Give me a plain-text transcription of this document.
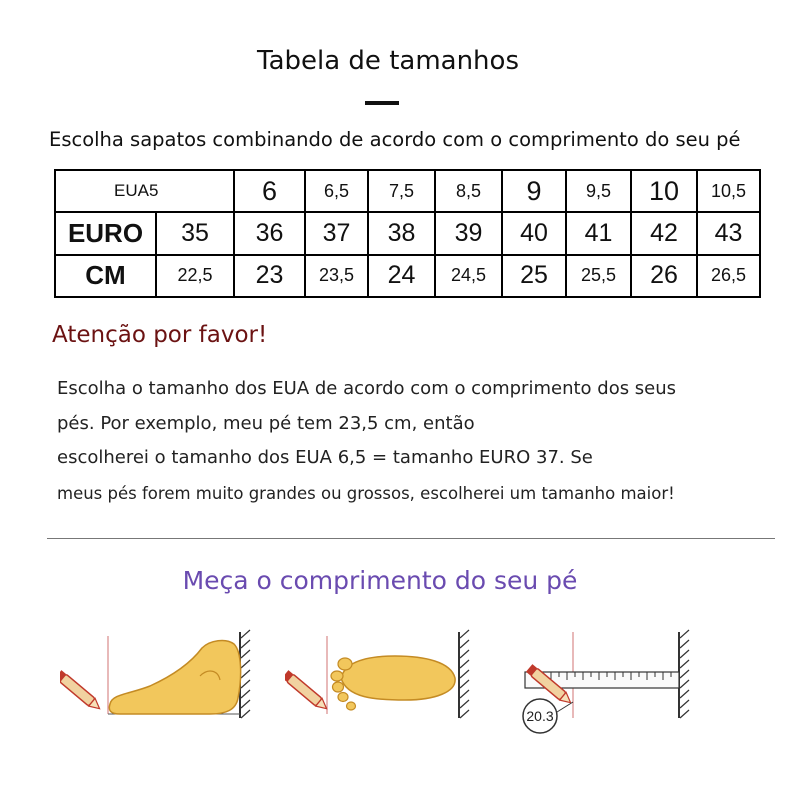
Tabela de tamanhos
Escolha sapatos combinando de acordo com o comprimento do seu pé
EUA5		6	6,5	7,5	8,5	9	9,5	10	10,5
EURO	35	36	37	38	39	40	41	42	43
CM	22,5	23	23,5	24	24,5	25	25,5	26	26,5
Atenção por favor!
Escolha o tamanho dos EUA de acordo com o comprimento dos seus
pés. Por exemplo, meu pé tem 23,5 cm, então
escolherei o tamanho dos EUA 6,5 = tamanho EURO 37. Se
meus pés forem muito grandes ou grossos, escolherei um tamanho maior!
Meça o comprimento do seu pé
20.3
